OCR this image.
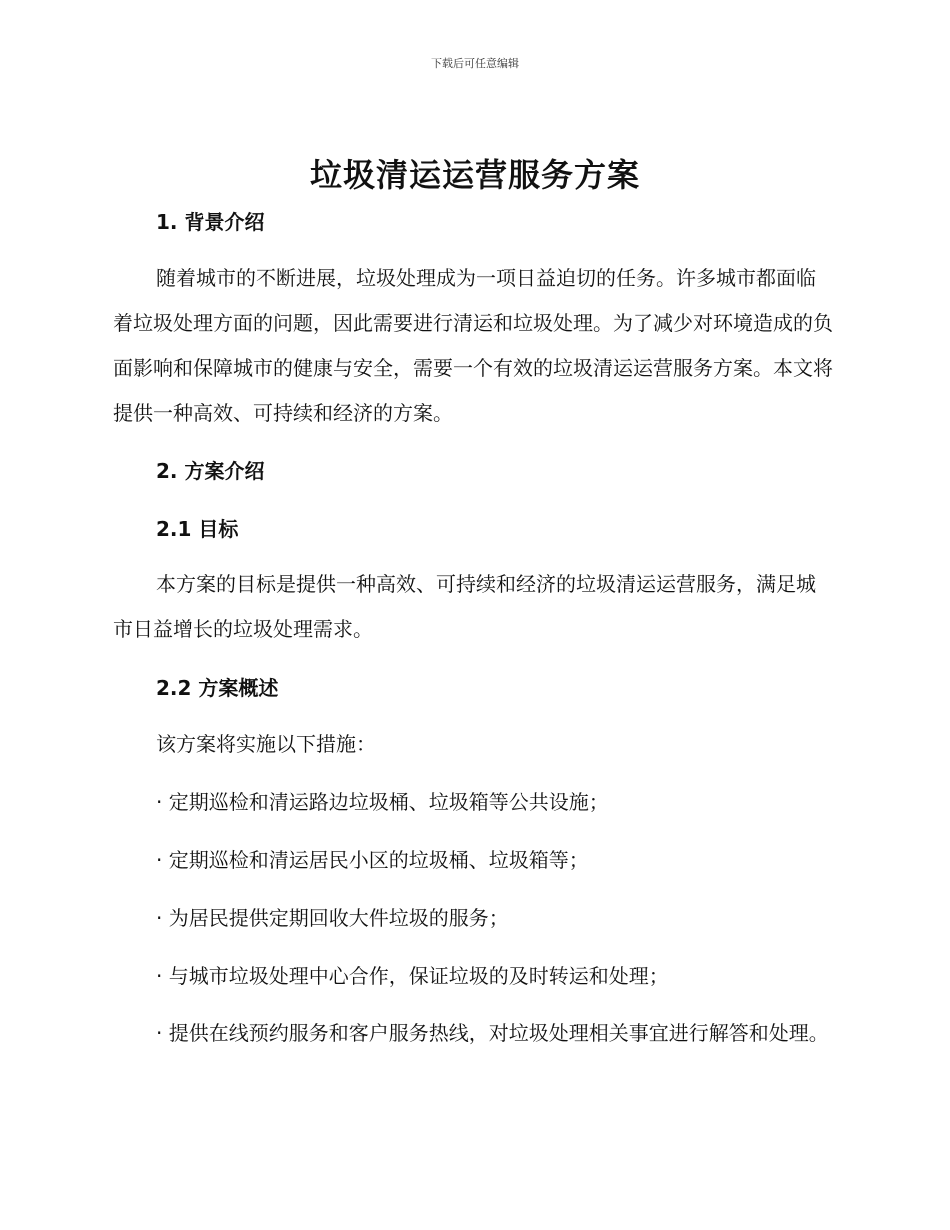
下载后可任意编辑
垃圾清运运营服务方案
1. 背景介绍

随着城市的不断进展，垃圾处理成为一项日益迫切的任务。许多城市都面临着垃圾处理方面的问题，因此需要进行清运和垃圾处理。为了减少对环境造成的负面影响和保障城市的健康与安全，需要一个有效的垃圾清运运营服务方案。本文将提供一种高效、可持续和经济的方案。

2. 方案介绍
2.1 目标

本方案的目标是提供一种高效、可持续和经济的垃圾清运运营服务，满足城市日益增长的垃圾处理需求。

2.2 方案概述

该方案将实施以下措施：

· 定期巡检和清运路边垃圾桶、垃圾箱等公共设施；

· 定期巡检和清运居民小区的垃圾桶、垃圾箱等；

· 为居民提供定期回收大件垃圾的服务；

· 与城市垃圾处理中心合作，保证垃圾的及时转运和处理；

· 提供在线预约服务和客户服务热线，对垃圾处理相关事宜进行解答和处理。
